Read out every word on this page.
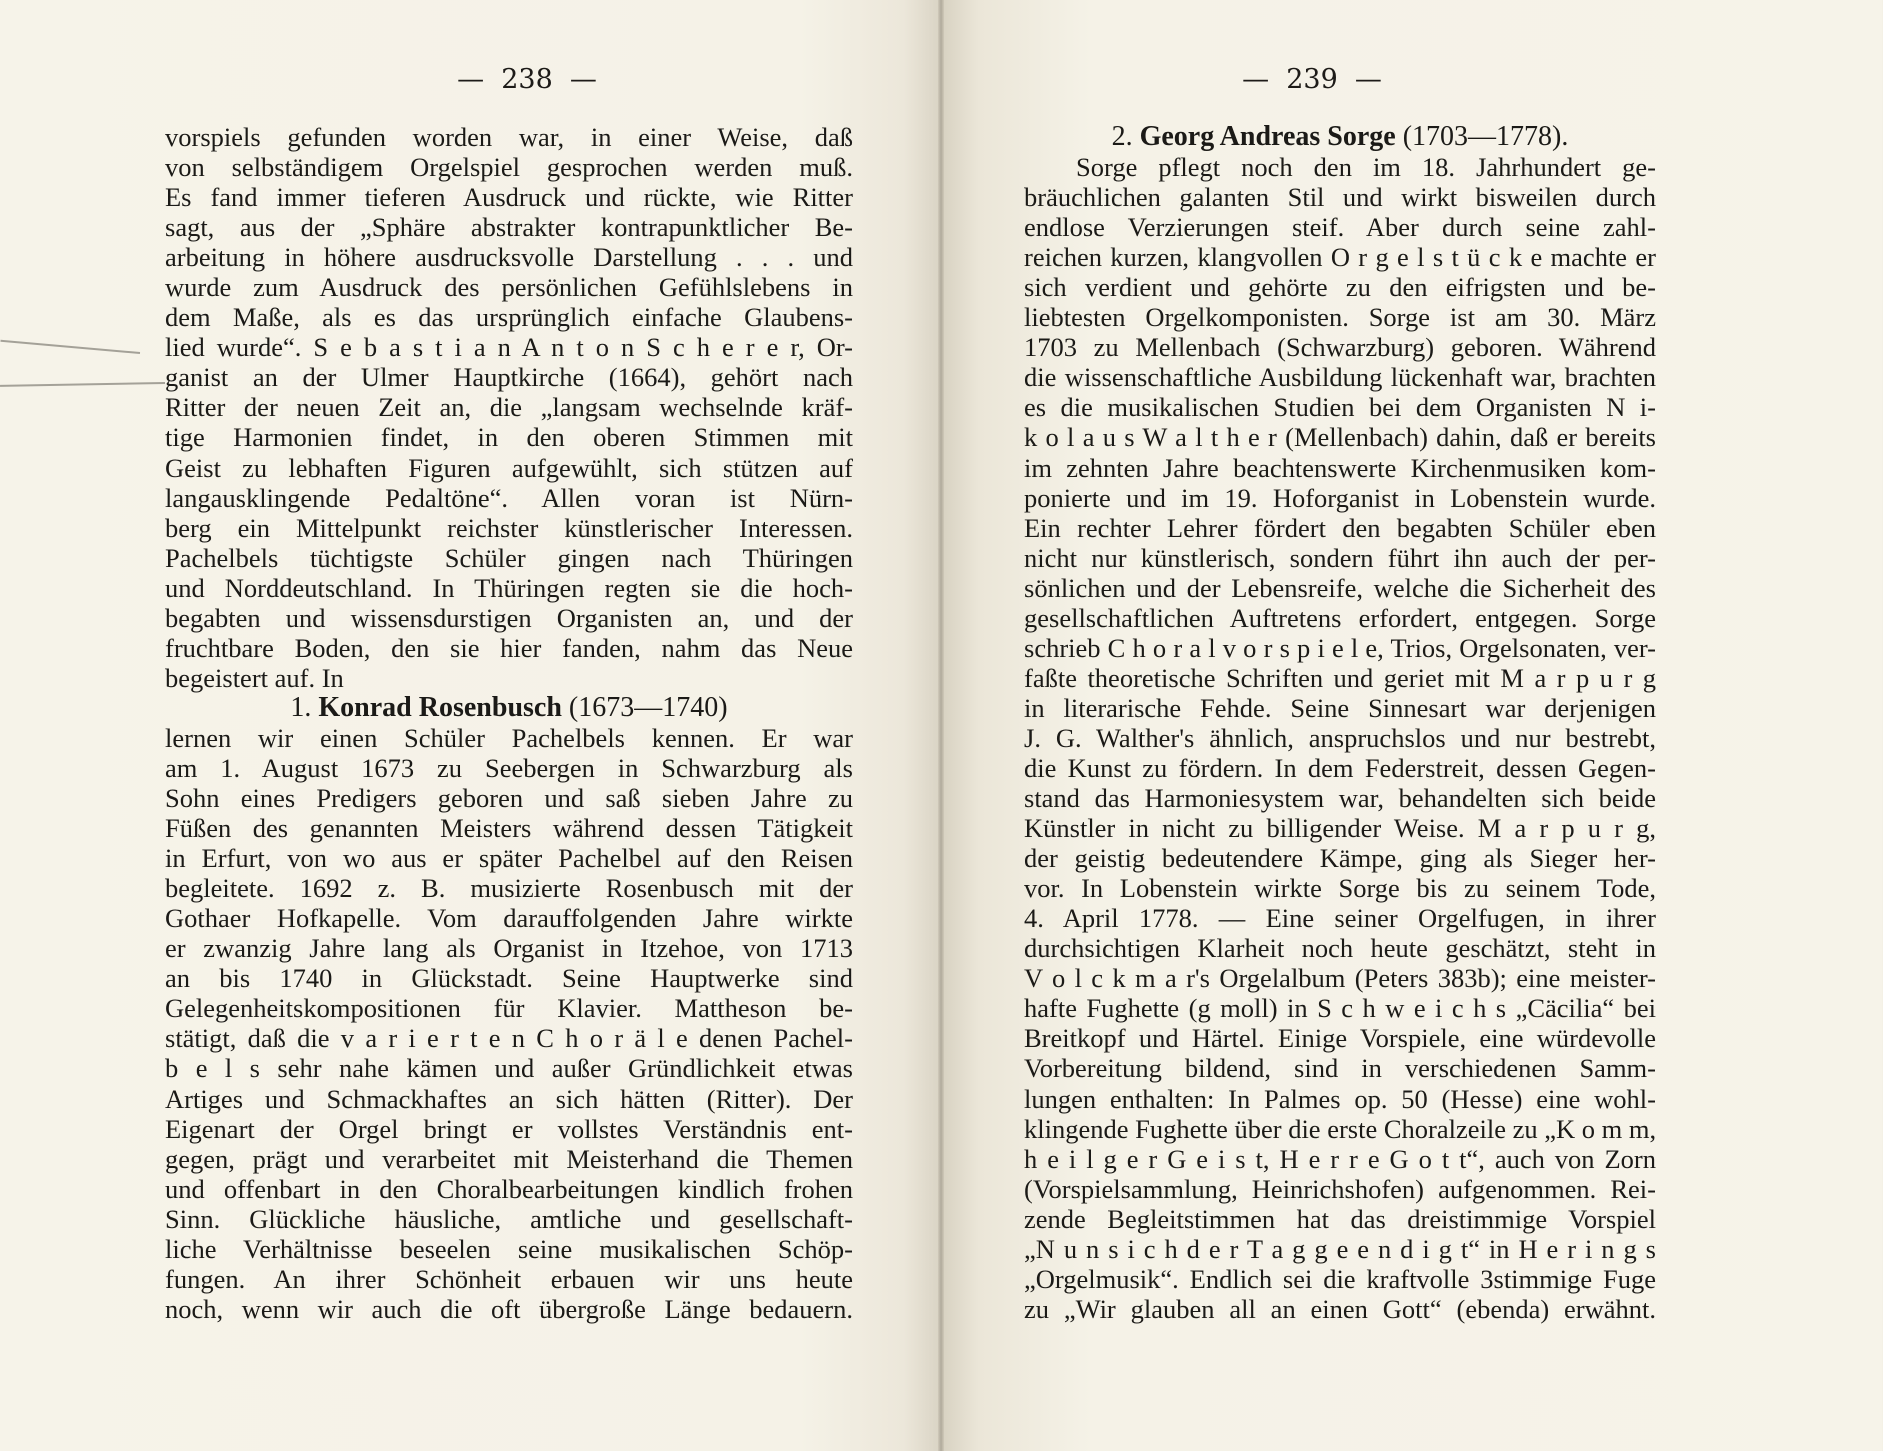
—  238  —
vorspiels gefunden worden war, in einer Weise, daß
von selbständigem Orgelspiel gesprochen werden muß.
Es fand immer tieferen Ausdruck und rückte, wie Ritter
sagt, aus der „Sphäre abstrakter kontrapunktlicher Be-
arbeitung in höhere ausdrucksvolle Darstellung . . . und
wurde zum Ausdruck des persönlichen Gefühlslebens in
dem Maße, als es das ursprünglich einfache Glaubens-
lied wurde“. S e b a s t i a n A n t o n S c h e r e r, Or-
ganist an der Ulmer Hauptkirche (1664), gehört nach
Ritter der neuen Zeit an, die „langsam wechselnde kräf-
tige Harmonien findet, in den oberen Stimmen mit
Geist zu lebhaften Figuren aufgewühlt, sich stützen auf
langausklingende Pedaltöne“. Allen voran ist Nürn-
berg ein Mittelpunkt reichster künstlerischer Interessen.
Pachelbels tüchtigste Schüler gingen nach Thüringen
und Norddeutschland. In Thüringen regten sie die hoch-
begabten und wissensdurstigen Organisten an, und der
fruchtbare Boden, den sie hier fanden, nahm das Neue
begeistert auf. In
1. Konrad Rosenbusch (1673—1740)
lernen wir einen Schüler Pachelbels kennen. Er war
am 1. August 1673 zu Seebergen in Schwarzburg als
Sohn eines Predigers geboren und saß sieben Jahre zu
Füßen des genannten Meisters während dessen Tätigkeit
in Erfurt, von wo aus er später Pachelbel auf den Reisen
begleitete. 1692 z. B. musizierte Rosenbusch mit der
Gothaer Hofkapelle. Vom darauffolgenden Jahre wirkte
er zwanzig Jahre lang als Organist in Itzehoe, von 1713
an bis 1740 in Glückstadt. Seine Hauptwerke sind
Gelegenheitskompositionen für Klavier. Mattheson be-
stätigt, daß die v a r i e r t e n C h o r ä l e denen Pachel-
b e l s sehr nahe kämen und außer Gründlichkeit etwas
Artiges und Schmackhaftes an sich hätten (Ritter). Der
Eigenart der Orgel bringt er vollstes Verständnis ent-
gegen, prägt und verarbeitet mit Meisterhand die Themen
und offenbart in den Choralbearbeitungen kindlich frohen
Sinn. Glückliche häusliche, amtliche und gesellschaft-
liche Verhältnisse beseelen seine musikalischen Schöp-
fungen. An ihrer Schönheit erbauen wir uns heute
noch, wenn wir auch die oft übergroße Länge bedauern.
—  239  —
2. Georg Andreas Sorge (1703—1778).
Sorge pflegt noch den im 18. Jahrhundert ge-
bräuchlichen galanten Stil und wirkt bisweilen durch
endlose Verzierungen steif. Aber durch seine zahl-
reichen kurzen, klangvollen O r g e l s t ü c k e machte er
sich verdient und gehörte zu den eifrigsten und be-
liebtesten Orgelkomponisten. Sorge ist am 30. März
1703 zu Mellenbach (Schwarzburg) geboren. Während
die wissenschaftliche Ausbildung lückenhaft war, brachten
es die musikalischen Studien bei dem Organisten N i-
k o l a u s W a l t h e r (Mellenbach) dahin, daß er bereits
im zehnten Jahre beachtenswerte Kirchenmusiken kom-
ponierte und im 19. Hoforganist in Lobenstein wurde.
Ein rechter Lehrer fördert den begabten Schüler eben
nicht nur künstlerisch, sondern führt ihn auch der per-
sönlichen und der Lebensreife, welche die Sicherheit des
gesellschaftlichen Auftretens erfordert, entgegen. Sorge
schrieb C h o r a l v o r s p i e l e, Trios, Orgelsonaten, ver-
faßte theoretische Schriften und geriet mit M a r p u r g
in literarische Fehde. Seine Sinnesart war derjenigen
J. G. Walther's ähnlich, anspruchslos und nur bestrebt,
die Kunst zu fördern. In dem Federstreit, dessen Gegen-
stand das Harmoniesystem war, behandelten sich beide
Künstler in nicht zu billigender Weise. M a r p u r g,
der geistig bedeutendere Kämpe, ging als Sieger her-
vor. In Lobenstein wirkte Sorge bis zu seinem Tode,
4. April 1778. — Eine seiner Orgelfugen, in ihrer
durchsichtigen Klarheit noch heute geschätzt, steht in
V o l c k m a r's Orgelalbum (Peters 383b); eine meister-
hafte Fughette (g moll) in S c h w e i c h s „Cäcilia“ bei
Breitkopf und Härtel. Einige Vorspiele, eine würdevolle
Vorbereitung bildend, sind in verschiedenen Samm-
lungen enthalten: In Palmes op. 50 (Hesse) eine wohl-
klingende Fughette über die erste Choralzeile zu „K o m m,
h e i l g e r G e i s t, H e r r e G o t t“, auch von Zorn
(Vorspielsammlung, Heinrichshofen) aufgenommen. Rei-
zende Begleitstimmen hat das dreistimmige Vorspiel
„N u n s i c h d e r T a g g e e n d i g t“ in H e r i n g s
„Orgelmusik“. Endlich sei die kraftvolle 3stimmige Fuge
zu „Wir glauben all an einen Gott“ (ebenda) erwähnt.
